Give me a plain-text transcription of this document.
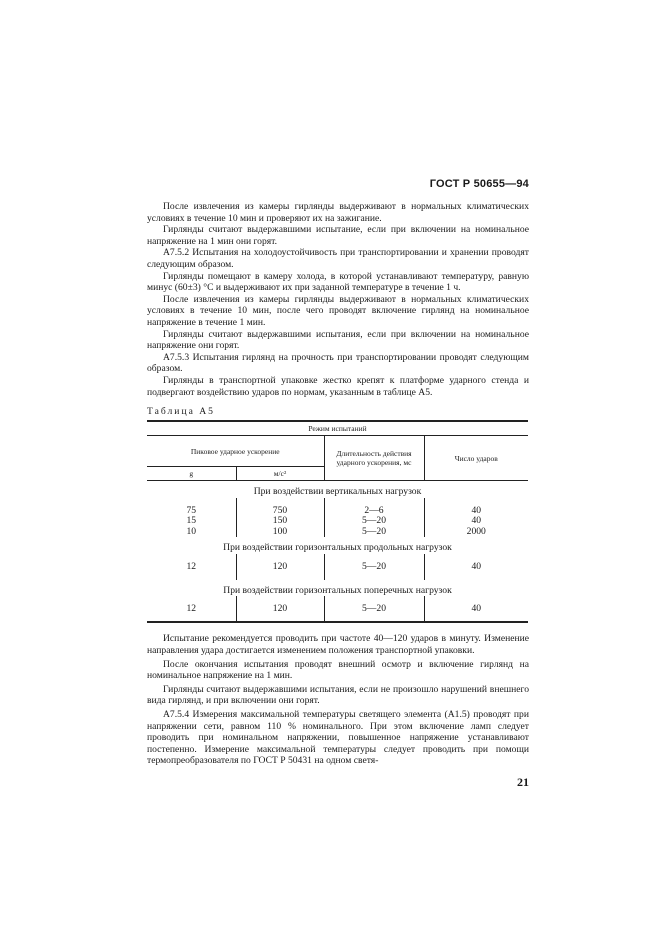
ГОСТ Р 50655—94

После извлечения из камеры гирлянды выдерживают в нормальных климатических условиях в течение 10 мин и проверяют их на зажигание.

Гирлянды считают выдержавшими испытание, если при включении на номинальное напряжение на 1 мин они горят.

А7.5.2 Испытания на холодоустойчивость при транспортировании и хранении проводят следующим образом.

Гирлянды помещают в камеру холода, в которой устанавливают температуру, равную минус (60±3) °С и выдерживают их при заданной температуре в течение 1 ч.

После извлечения из камеры гирлянды выдерживают в нормальных климатических условиях в течение 10 мин, после чего проводят включение гирлянд на номинальное напряжение в течение 1 мин.

Гирлянды считают выдержавшими испытания, если при включении на номинальное напряжение они горят.

А7.5.3 Испытания гирлянд на прочность при транспортировании проводят следующим образом.

Гирлянды в транспортной упаковке жестко крепят к платформе ударного стенда и подвергают воздействию ударов по нормам, указанным в таблице А5.

Таблица А5
Режим испытаний			
Пиковое ударное ускорение		Длительность действия ударного ускорения, мс	Число ударов
g	м/с²		
При воздействии вертикальных нагрузок			

75	750	2—6	40
15	150	5—20	40
10	100	5—20	2000
При воздействии горизонтальных продольных нагрузок			
12	120	5—20	40
При воздействии горизонтальных поперечных нагрузок			
12	120	5—20	40

Испытание рекомендуется проводить при частоте 40—120 ударов в минуту. Изменение направления удара достигается изменением положения транспортной упаковки.

После окончания испытания проводят внешний осмотр и включение гирлянд на номинальное напряжение на 1 мин.

Гирлянды считают выдержавшими испытания, если не произошло нарушений внешнего вида гирлянд, и при включении они горят.

А7.5.4 Измерения максимальной температуры светящего элемента (А1.5) проводят при напряжении сети, равном 110 % номинального. При этом включение ламп следует проводить при номинальном напряжении, повышенное напряжение устанавливают постепенно. Измерение максимальной температуры следует проводить при помощи термопреобразователя по ГОСТ Р 50431 на одном светя-

21
